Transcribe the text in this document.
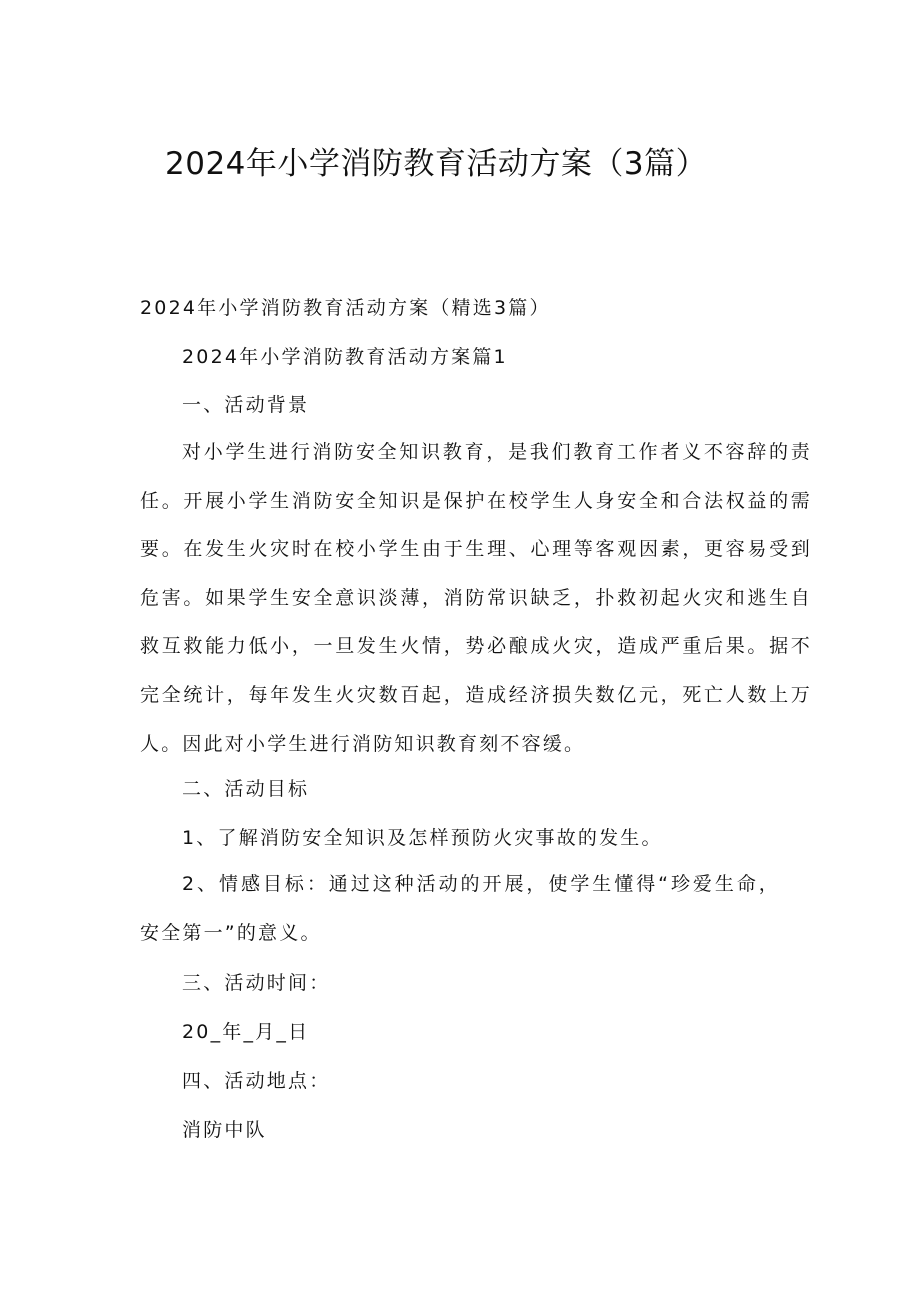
2024年小学消防教育活动方案（3篇）
2024年小学消防教育活动方案（精选3篇）
2024年小学消防教育活动方案篇1
一、活动背景
对小学生进行消防安全知识教育，是我们教育工作者义不容辞的责任。开展小学生消防安全知识是保护在校学生人身安全和合法权益的需要。在发生火灾时在校小学生由于生理、心理等客观因素，更容易受到危害。如果学生安全意识淡薄，消防常识缺乏，扑救初起火灾和逃生自救互救能力低小，一旦发生火情，势必酿成火灾，造成严重后果。据不完全统计，每年发生火灾数百起，造成经济损失数亿元，死亡人数上万人。因此对小学生进行消防知识教育刻不容缓。
二、活动目标
1、了解消防安全知识及怎样预防火灾事故的发生。
2、情感目标：通过这种活动的开展，使学生懂得“珍爱生命，安全第一”的意义。
三、活动时间：
20_年_月_日
四、活动地点：
消防中队
